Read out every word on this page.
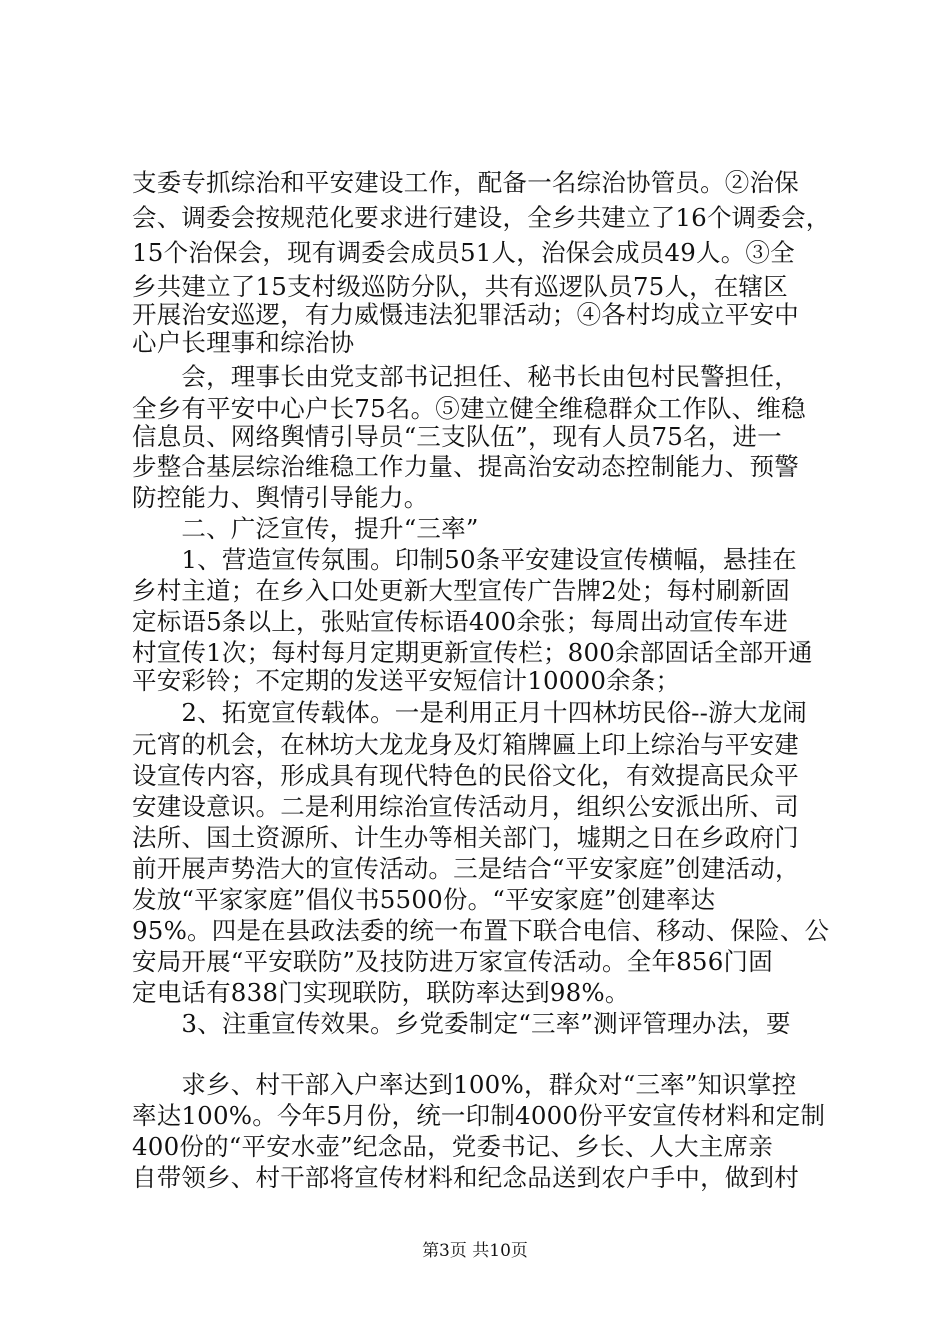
支委专抓综治和平安建设工作，配备一名综治协管员。②治保
会、调委会按规范化要求进行建设，全乡共建立了16个调委会，
15个治保会，现有调委会成员51人，治保会成员49人。③全
乡共建立了15支村级巡防分队，共有巡逻队员75人，在辖区
开展治安巡逻，有力威慑违法犯罪活动；④各村均成立平安中
心户长理事和综治协
　　会，理事长由党支部书记担任、秘书长由包村民警担任，
全乡有平安中心户长75名。⑤建立健全维稳群众工作队、维稳
信息员、网络舆情引导员“三支队伍”，现有人员75名，进一
步整合基层综治维稳工作力量、提高治安动态控制能力、预警
防控能力、舆情引导能力。
　　二、广泛宣传，提升“三率”
　　1、营造宣传氛围。印制50条平安建设宣传横幅，悬挂在
乡村主道；在乡入口处更新大型宣传广告牌2处；每村刷新固
定标语5条以上，张贴宣传标语400余张；每周出动宣传车进
村宣传1次；每村每月定期更新宣传栏；800余部固话全部开通
平安彩铃；不定期的发送平安短信计10000余条；
　　2、拓宽宣传载体。一是利用正月十四林坊民俗--游大龙闹
元宵的机会，在林坊大龙龙身及灯箱牌匾上印上综治与平安建
设宣传内容，形成具有现代特色的民俗文化，有效提高民众平
安建设意识。二是利用综治宣传活动月，组织公安派出所、司
法所、国土资源所、计生办等相关部门，墟期之日在乡政府门
前开展声势浩大的宣传活动。三是结合“平安家庭”创建活动，
发放“平家家庭”倡仪书5500份。“平安家庭”创建率达
95%。四是在县政法委的统一布置下联合电信、移动、保险、公
安局开展“平安联防”及技防进万家宣传活动。全年856门固
定电话有838门实现联防，联防率达到98%。
　　3、注重宣传效果。乡党委制定“三率”测评管理办法，要
　　求乡、村干部入户率达到100%，群众对“三率”知识掌控
率达100%。今年5月份，统一印制4000份平安宣传材料和定制
400份的“平安水壶”纪念品，党委书记、乡长、人大主席亲
自带领乡、村干部将宣传材料和纪念品送到农户手中，做到村
第3页 共10页
